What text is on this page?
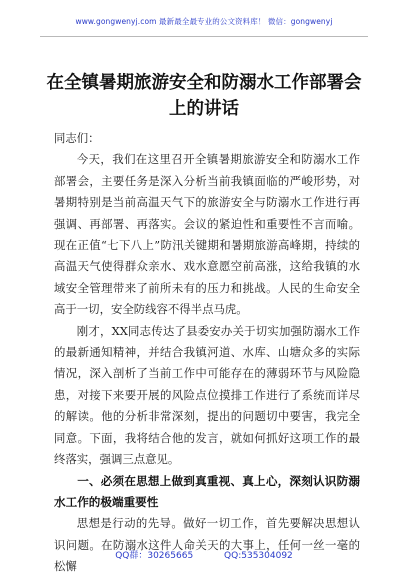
www.gongwenyj.com 最新最全最专业的公文资料库！ 微信：gongwenyj
在全镇暑期旅游安全和防溺水工作部署会上的讲话

同志们：

今天，我们在这里召开全镇暑期旅游安全和防溺水工作部署会，主要任务是深入分析当前我镇面临的严峻形势，对暑期特别是当前高温天气下的旅游安全与防溺水工作进行再强调、再部署、再落实。会议的紧迫性和重要性不言而喻。现在正值“七下八上”防汛关键期和暑期旅游高峰期，持续的高温天气使得群众亲水、戏水意愿空前高涨，这给我镇的水域安全管理带来了前所未有的压力和挑战。人民的生命安全高于一切，安全防线容不得半点马虎。

刚才，XX同志传达了县委安办关于切实加强防溺水工作的最新通知精神，并结合我镇河道、水库、山塘众多的实际情况，深入剖析了当前工作中可能存在的薄弱环节与风险隐患，对接下来要开展的风险点位摸排工作进行了系统而详尽的解读。他的分析非常深刻，提出的问题切中要害，我完全同意。下面，我将结合他的发言，就如何抓好这项工作的最终落实，强调三点意见。

一、必须在思想上做到真重视、真上心，深刻认识防溺水工作的极端重要性

思想是行动的先导。做好一切工作，首先要解决思想认识问题。在防溺水这件人命关天的大事上，任何一丝一毫的松懈

QQ群：30265665	QQ:535304092
